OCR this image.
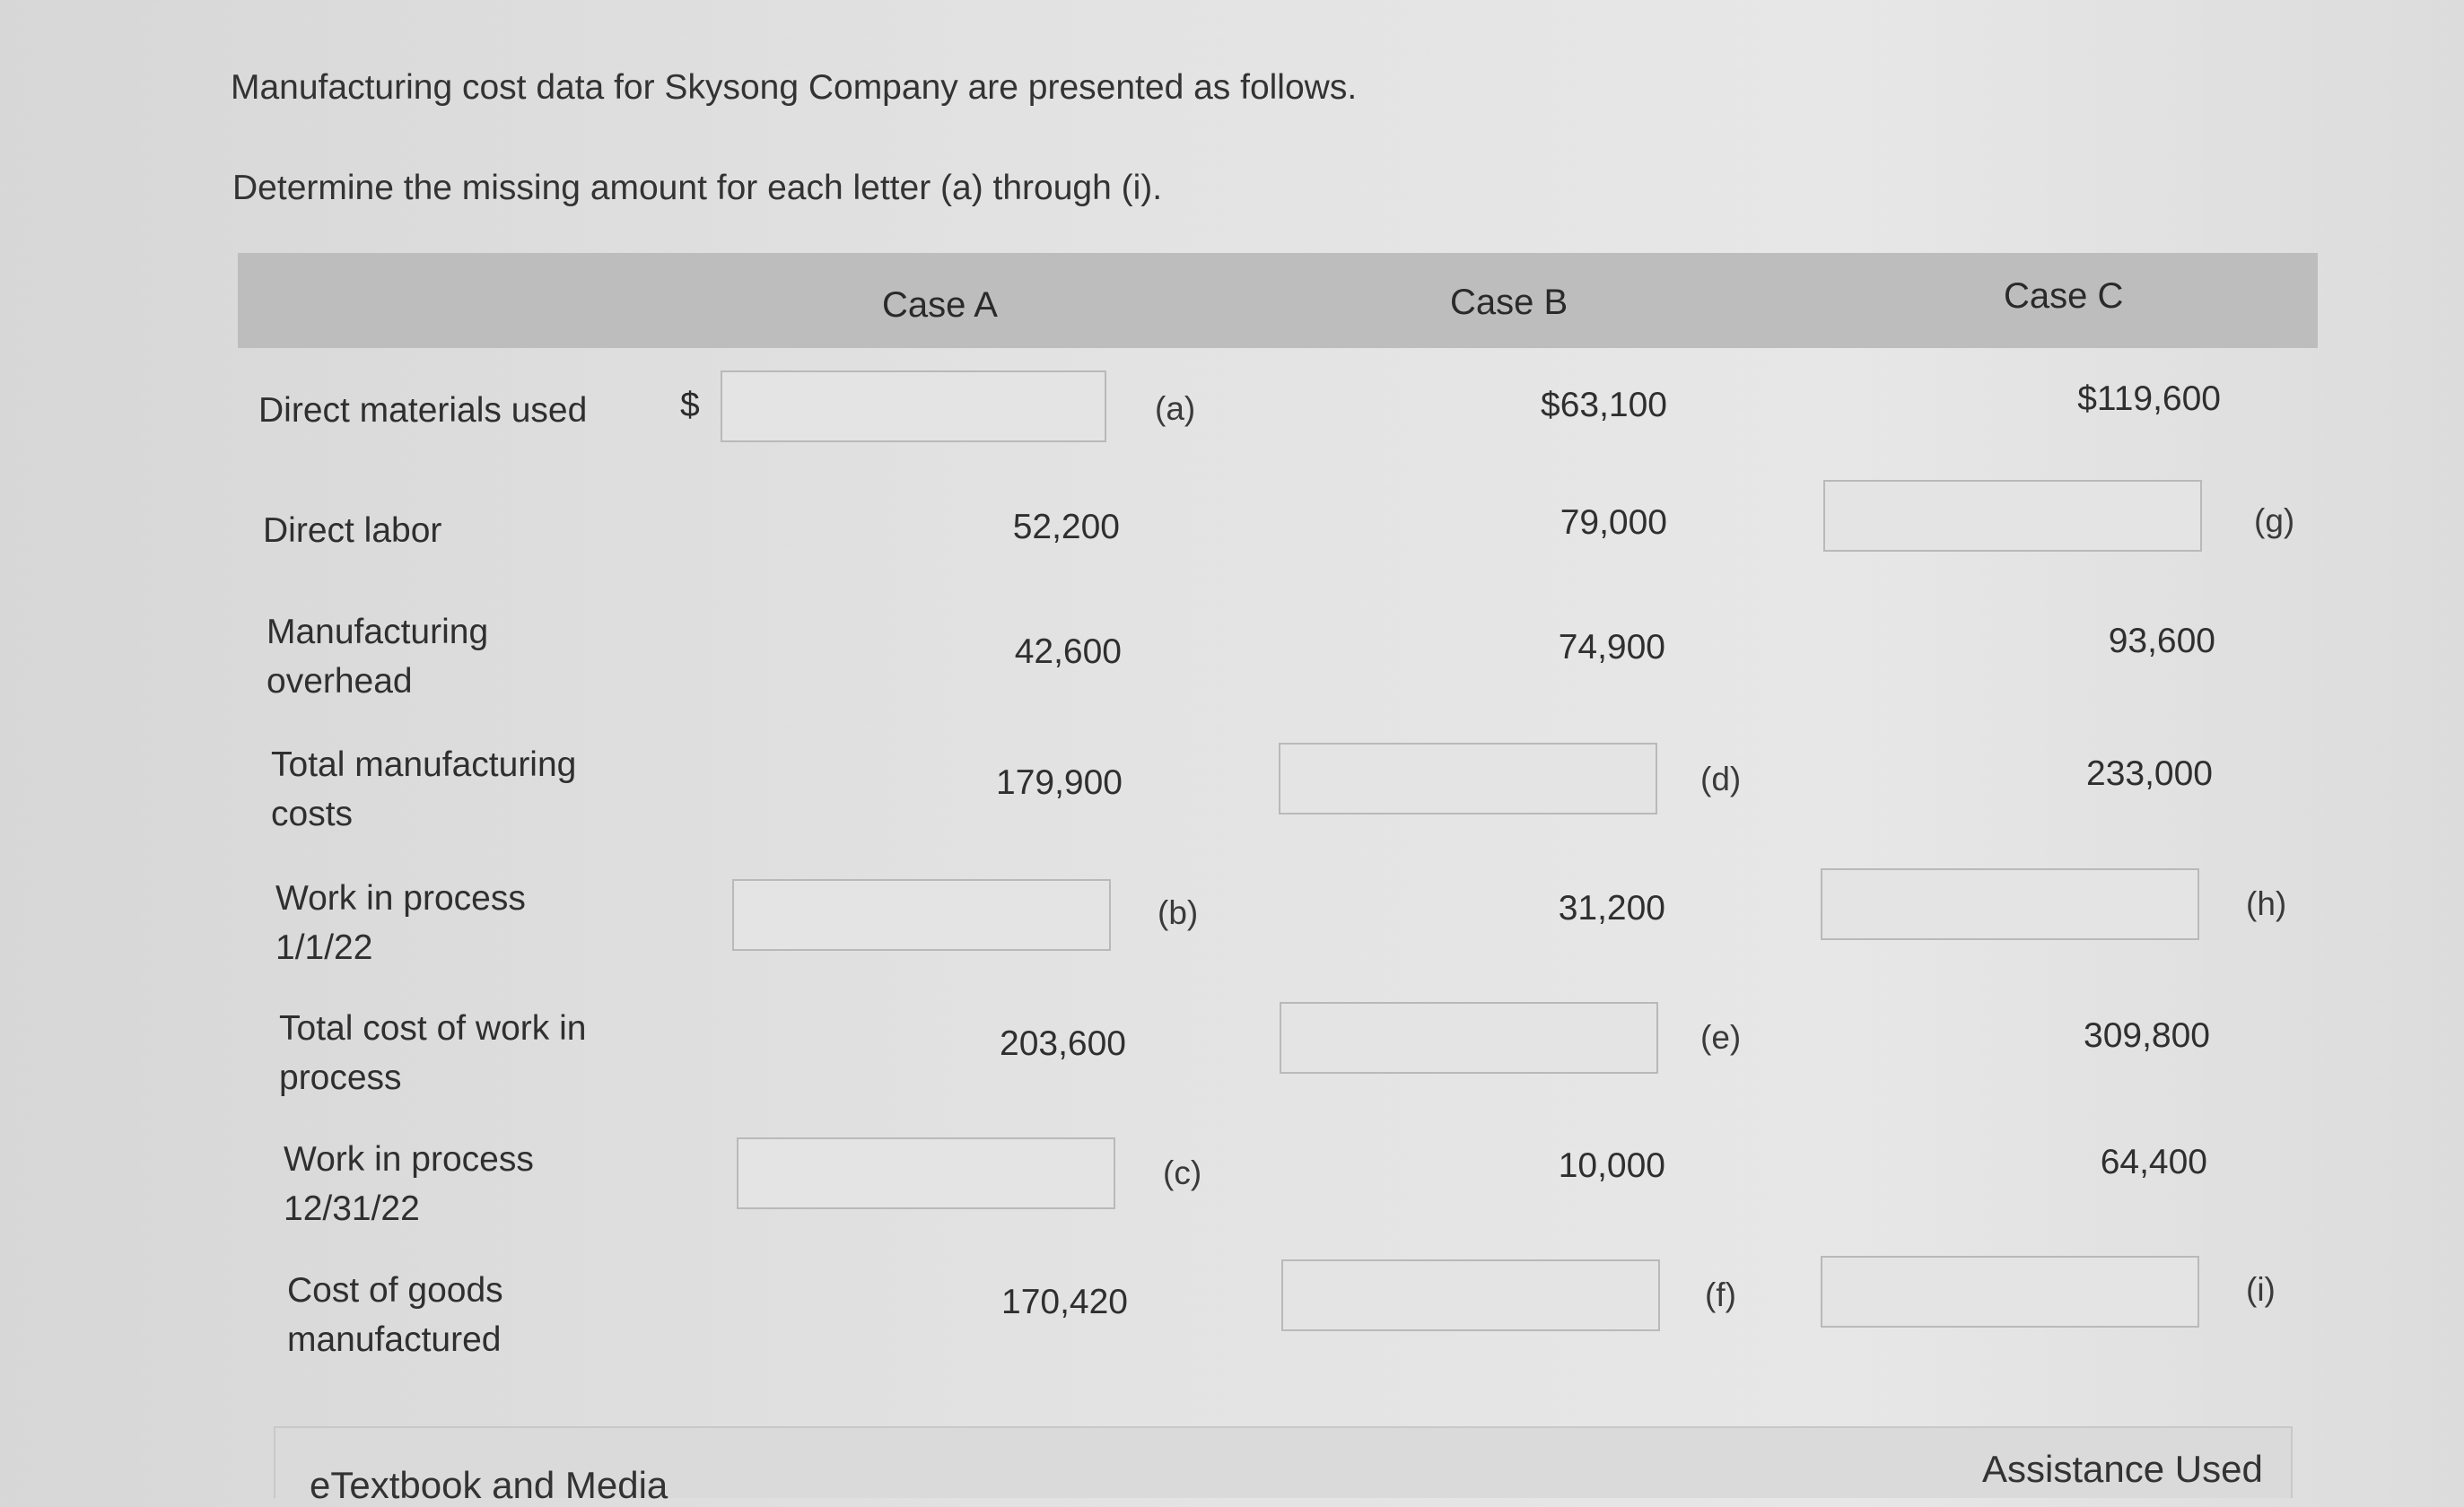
Manufacturing cost data for Skysong Company are presented as follows.
Determine the missing amount for each letter (a) through (i).
Case A	Case B	Case C
Direct materials used	$	(a)	$63,100	$119,600
Direct labor	52,200	79,000	(g)
Manufacturing
overhead
42,600	74,900	93,600
Total manufacturing
costs
179,900	(d)	233,000
Work in process
1/1/22
(b)	31,200	(h)
Total cost of work in
process
203,600	(e)	309,800
Work in process
12/31/22
(c)	10,000	64,400
Cost of goods
manufactured
170,420	(f)	(i)
eTextbook and Media	Assistance Used
